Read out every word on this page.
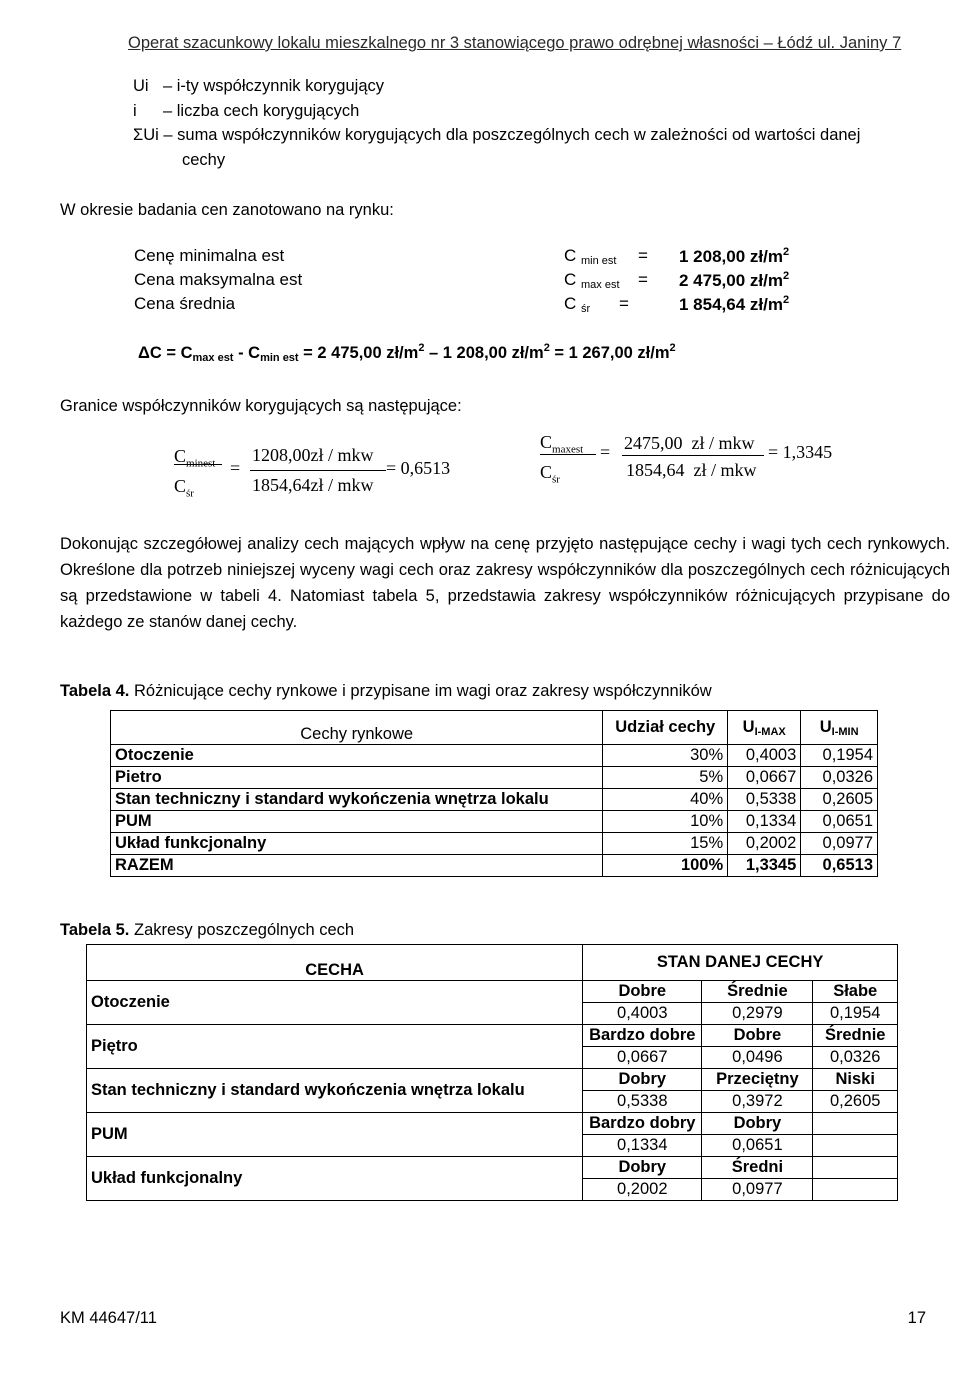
Operat szacunkowy lokalu mieszkalnego nr 3 stanowiącego prawo odrębnej własności – Łódź ul. Janiny 7
Ui – i-ty współczynnik korygujący
i – liczba cech korygujących
ΣUi – suma współczynników korygujących dla poszczególnych cech w zależności od wartości danej
cechy
W okresie badania cen zanotowano na rynku:
Cenę minimalna est	C $_{min est}$ = 1 208,00 $zł/m^2$
Cena maksymalna est	C $_{max est}$ = 2 475,00 $zł/m^2$
Cena średnia	C $_{śr}$ =	1 854,64 $zł/m^2$
$\Delta C = C_{max est} - C_{min est} = 2$ 475,00 $zł/m^2 - 1$ 208,00 $zł/m^2 = 1$ 267,00 $zł/m^2$
Granice współczynników korygujących są następujące:
$C_{minest}$
$C_{śr}$
=
1208,00zł / mkw
1854,64zł / mkw
= 0,6513
$C_{maxest}$
$C_{śr}$
= 2475,00  zł / mkw
1854,64  zł / mkw
= 1,3345
Dokonując szczegółowej analizy cech mających wpływ na cenę przyjęto następujące cechy i wagi tych cech rynkowych. Określone dla potrzeb niniejszej wyceny wagi cech oraz zakresy współczynników dla poszczególnych cech różnicujących są przedstawione w tabeli 4. Natomiast tabela 5, przedstawia zakresy współczynników różnicujących przypisane do każdego ze stanów danej cechy.
Tabela 4. Różnicujące cechy rynkowe i przypisane im wagi oraz zakresy współczynników
Cechy rynkowe	Udział cechy	$U_{I-MAX}$	$U_{I-MIN}$
Otoczenie	30%	0,4003	0,1954
Pietro	5%	0,0667	0,0326
Stan techniczny i standard wykończenia wnętrza lokalu	40%	0,5338	0,2605
PUM	10%	0,1334	0,0651
Układ funkcjonalny	15%	0,2002	0,0977
RAZEM	100%	1,3345	0,6513
Tabela 5. Zakresy poszczególnych cech
CECHA	STAN DANEJ CECHY		
Otoczenie	Dobre	Średnie	Słabe
	0,4003	0,2979	0,1954
Piętro	Bardzo dobre	Dobre	Średnie
	0,0667	0,0496	0,0326
Stan techniczny i standard wykończenia wnętrza lokalu	Dobry	Przeciętny	Niski
	0,5338	0,3972	0,2605
PUM	Bardzo dobry	Dobry	
	0,1334	0,0651	
Układ funkcjonalny	Dobry	Średni	
	0,2002	0,0977	
KM 44647/11	17
